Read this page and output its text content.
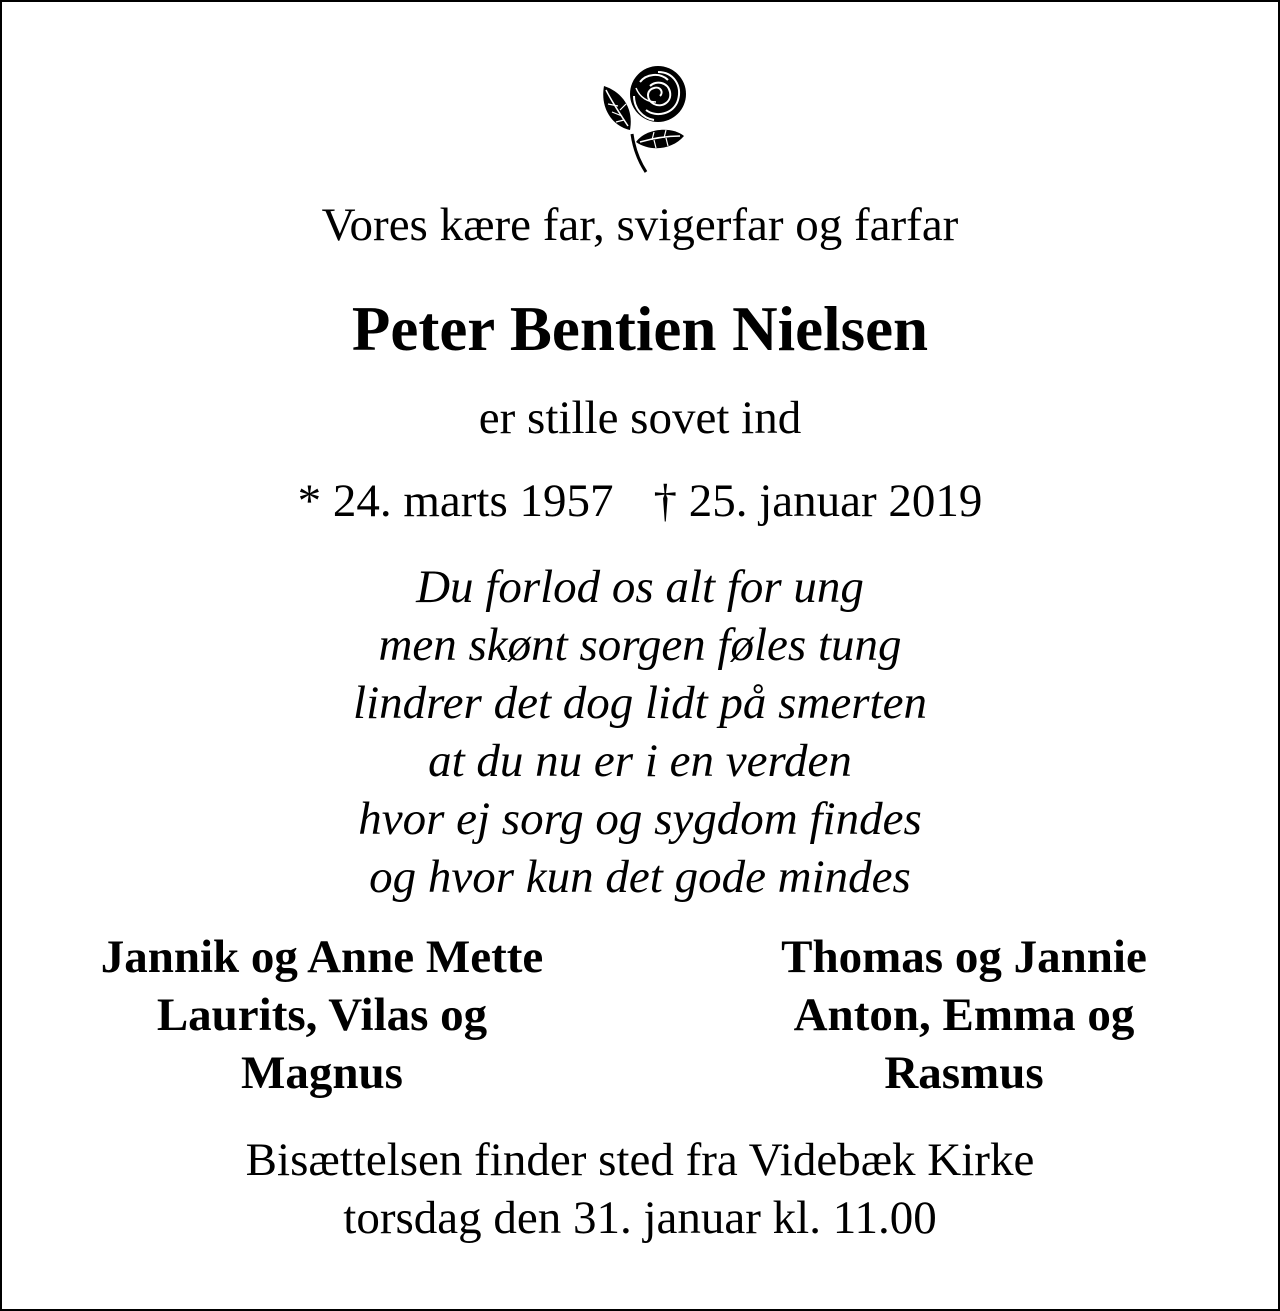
Vores kære far, svigerfar og farfar
Peter Bentien Nielsen
er stille sovet ind
* 24. marts 1957 † 25. januar 2019
Du forlod os alt for ung
men skønt sorgen føles tung
lindrer det dog lidt på smerten
at du nu er i en verden
hvor ej sorg og sygdom findes
og hvor kun det gode mindes
Jannik og Anne Mette
Laurits, Vilas og
Magnus
Thomas og Jannie
Anton, Emma og
Rasmus
Bisættelsen finder sted fra Videbæk Kirke
torsdag den 31. januar kl. 11.00
